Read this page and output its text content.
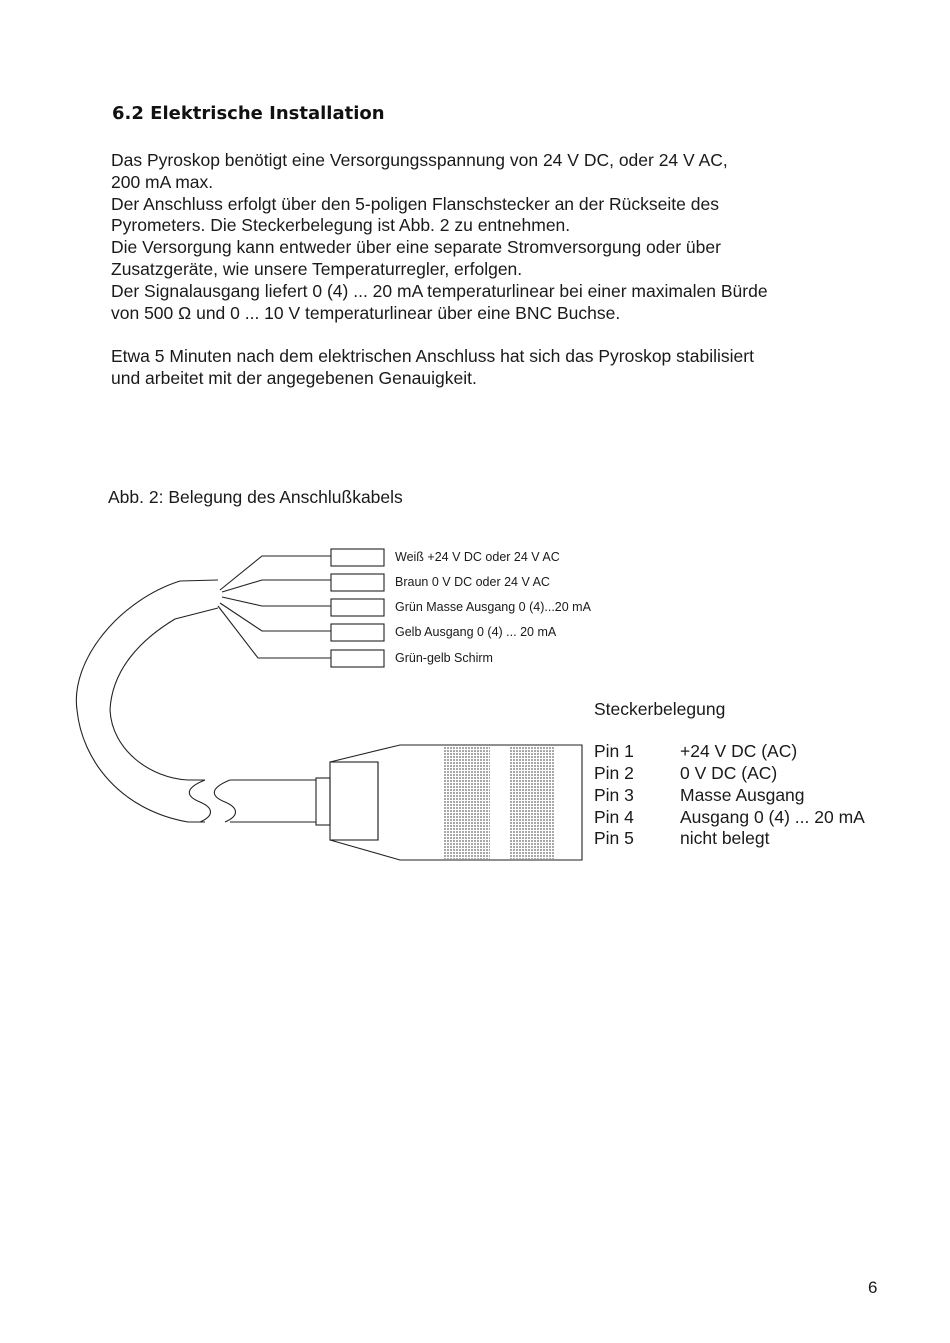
6.2 Elektrische Installation
Das Pyroskop benötigt eine Versorgungsspannung von 24 V DC, oder 24 V AC,
200 mA max.
Der Anschluss erfolgt über den 5-poligen Flanschstecker an der Rückseite des
Pyrometers. Die Steckerbelegung ist Abb. 2 zu entnehmen.
Die Versorgung kann entweder über eine separate Stromversorgung oder über
Zusatzgeräte, wie unsere Temperaturregler, erfolgen.
Der Signalausgang liefert 0 (4) ... 20 mA temperaturlinear bei einer maximalen Bürde
von 500 Ω und 0 ... 10 V temperaturlinear über eine BNC Buchse.
Etwa 5 Minuten nach dem elektrischen Anschluss hat sich das Pyroskop stabilisiert
und arbeitet mit der angegebenen Genauigkeit.
Abb. 2: Belegung des Anschlußkabels
Weiß +24 V DC oder 24 V AC
Braun 0 V DC oder 24 V AC
Grün Masse Ausgang 0 (4)...20 mA
Gelb Ausgang 0 (4) ... 20 mA
Grün-gelb Schirm
Steckerbelegung
Pin 1	+24 V DC (AC)
Pin 2	0 V DC (AC)
Pin 3	Masse Ausgang
Pin 4	Ausgang 0 (4) ... 20 mA
Pin 5	nicht belegt
6
